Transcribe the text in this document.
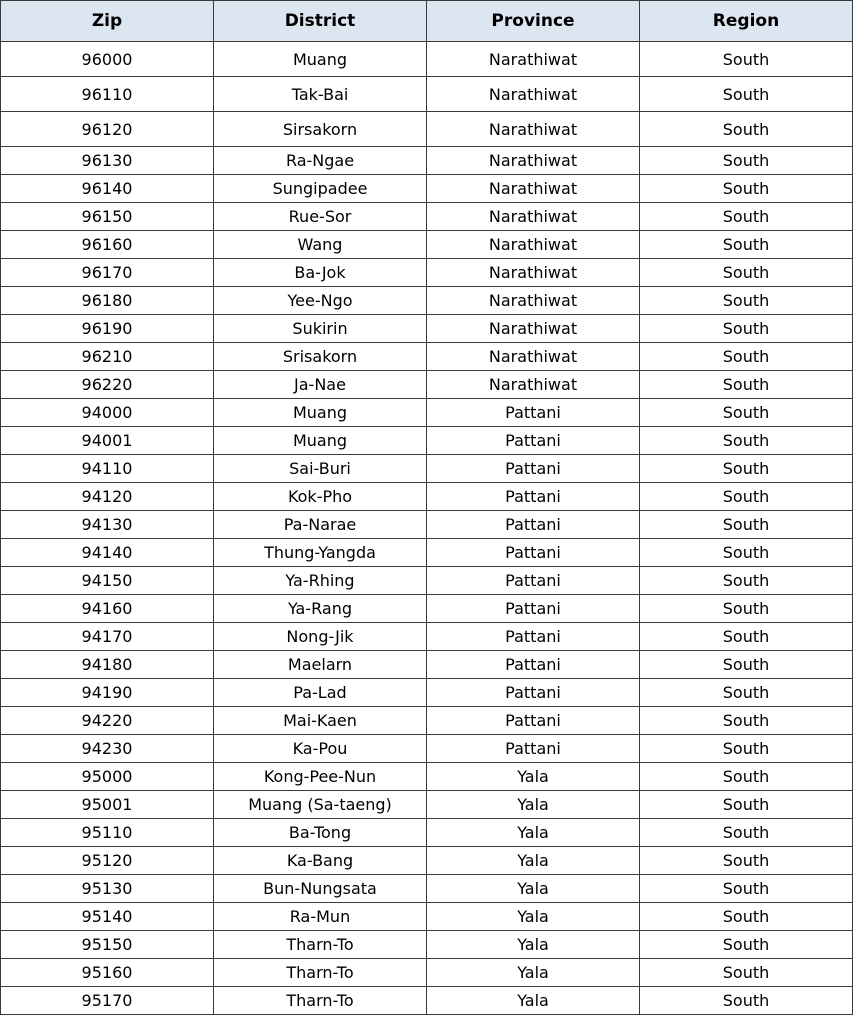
Zip	District	Province	Region
96000	Muang	Narathiwat	South
96110	Tak-Bai	Narathiwat	South
96120	Sirsakorn	Narathiwat	South
96130	Ra-Ngae	Narathiwat	South
96140	Sungipadee	Narathiwat	South
96150	Rue-Sor	Narathiwat	South
96160	Wang	Narathiwat	South
96170	Ba-Jok	Narathiwat	South
96180	Yee-Ngo	Narathiwat	South
96190	Sukirin	Narathiwat	South
96210	Srisakorn	Narathiwat	South
96220	Ja-Nae	Narathiwat	South
94000	Muang	Pattani	South
94001	Muang	Pattani	South
94110	Sai-Buri	Pattani	South
94120	Kok-Pho	Pattani	South
94130	Pa-Narae	Pattani	South
94140	Thung-Yangda	Pattani	South
94150	Ya-Rhing	Pattani	South
94160	Ya-Rang	Pattani	South
94170	Nong-Jik	Pattani	South
94180	Maelarn	Pattani	South
94190	Pa-Lad	Pattani	South
94220	Mai-Kaen	Pattani	South
94230	Ka-Pou	Pattani	South
95000	Kong-Pee-Nun	Yala	South
95001	Muang (Sa-taeng)	Yala	South
95110	Ba-Tong	Yala	South
95120	Ka-Bang	Yala	South
95130	Bun-Nungsata	Yala	South
95140	Ra-Mun	Yala	South
95150	Tharn-To	Yala	South
95160	Tharn-To	Yala	South
95170	Tharn-To	Yala	South
